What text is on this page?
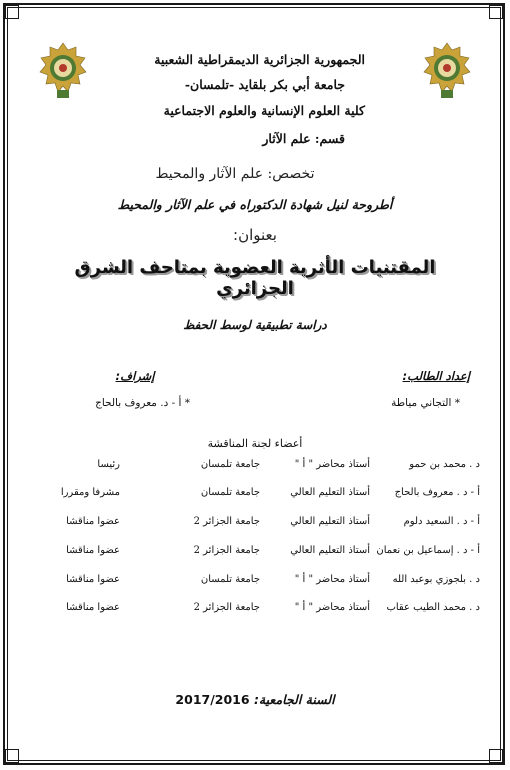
الجمهورية الجزائرية الديمقراطية الشعبية
جامعة أبي بكر بلقايد -تلمسان-
كلية العلوم الإنسانية والعلوم الاجتماعية
قسم: علم الآثار
تخصص: علم الآثار والمحيط
أطروحة لنيل شهادة الدكتوراه في علم الآثار والمحيط
بعنوان:
المقتنيات الأثرية العضوية بمتاحف الشرق الجزائري
دراسة تطبيقية لوسط الحفظ
إعداد الطالب:
* التجاني مياطة
إشراف:
* أ - د. معروف بالحاج
أعضاء لجنة المناقشة
د . محمد بن حمو
أستاذ محاضر " أ "
جامعة تلمسان
رئيسا
أ - د . معروف بالحاج
أستاذ التعليم العالي
جامعة تلمسان
مشرفا ومقررا
أ - د . السعيد دلوم
أستاذ التعليم العالي
جامعة الجزائر 2
عضوا مناقشا
أ - د . إسماعيل بن نعمان
أستاذ التعليم العالي
جامعة الجزائر 2
عضوا مناقشا
د . بلجوزي بوعبد الله
أستاذ محاضر " أ "
جامعة تلمسان
عضوا مناقشا
د . محمد الطيب عقاب
أستاذ محاضر " أ "
جامعة الجزائر 2
عضوا مناقشا
السنة الجامعية: 2017/2016
